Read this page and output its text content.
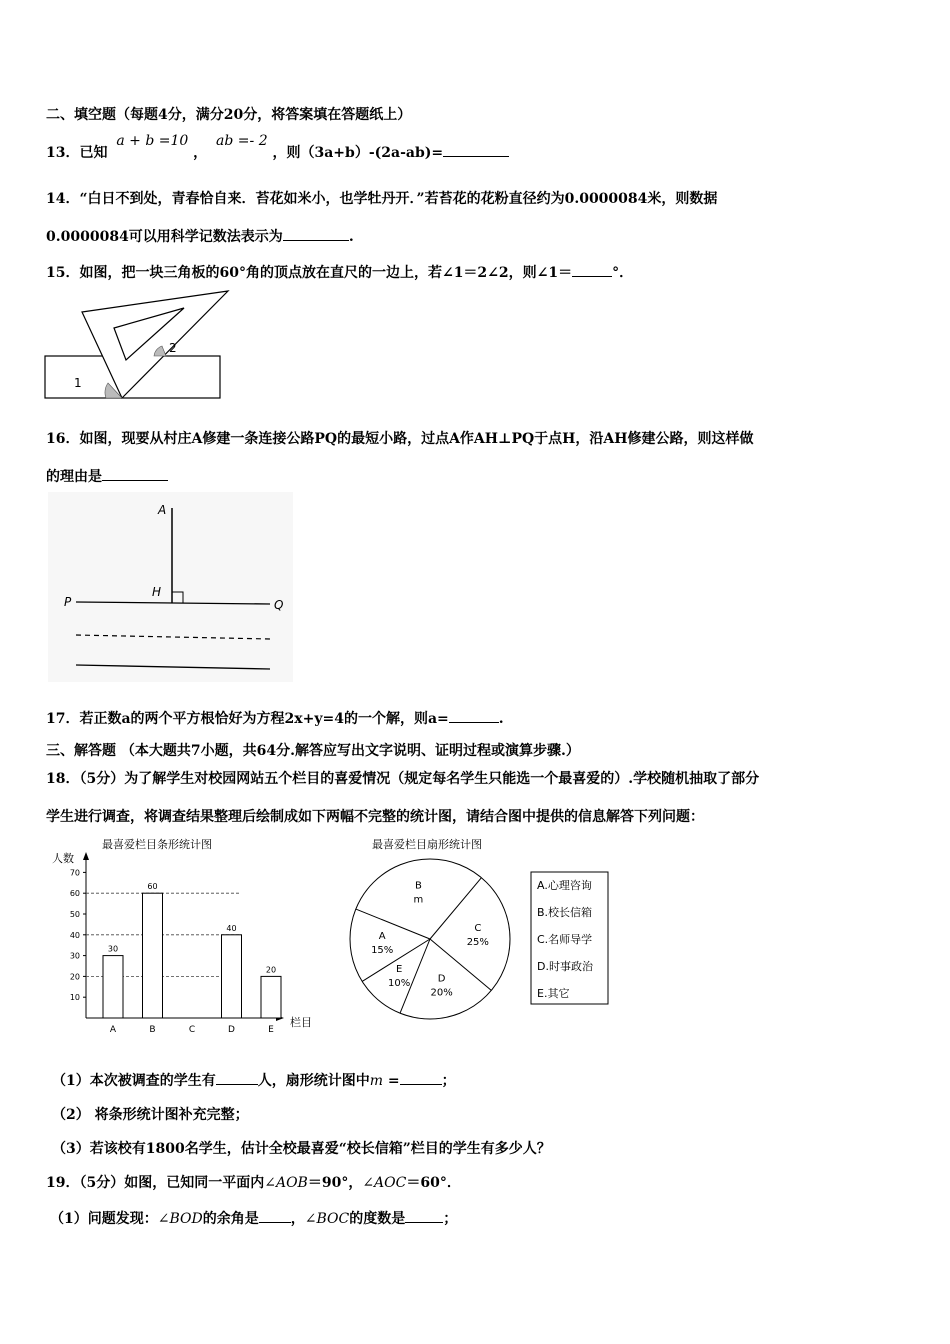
二、填空题（每题4分，满分20分，将答案填在答题纸上）
13．已知 a + b =10 ， ab =- 2 ，则（3a+b）-(2a-ab)=
14．“白日不到处，青春恰自来．苔花如米小，也学牡丹开．”若苔花的花粉直径约为0.0000084米，则数据
0.0000084可以用科学记数法表示为	.
15．如图，把一块三角板的60°角的顶点放在直尺的一边上，若∠1＝2∠2，则∠1＝	°．
1
2
16．如图，现要从村庄A修建一条连接公路PQ的最短小路，过点A作AH⊥PQ于点H，沿AH修建公路，则这样做
的理由是
A
H
P	Q
17．若正数a的两个平方根恰好为方程2x+y=4的一个解，则a=	.
三、解答题 （本大题共7小题，共64分.解答应写出文字说明、证明过程或演算步骤.）
18．（5分）为了解学生对校园网站五个栏目的喜爱情况（规定每名学生只能选一个最喜爱的）.学校随机抽取了部分
学生进行调查，将调查结果整理后绘制成如下两幅不完整的统计图，请结合图中提供的信息解答下列问题：
最喜爱栏目条形统计图
人数
栏目
10
20
30
40
50
60
70
30
A
60
B	C
40
D
20
E
最喜爱栏目扇形统计图
B
m
C
25%
D
20%
E
10%
A
15%
A.心理咨询
B.校长信箱
C.名师导学
D.时事政治
E.其它
（1）本次被调查的学生有	人，扇形统计图中m =	；
（2） 将条形统计图补充完整；
（3）若该校有1800名学生，估计全校最喜爱“校长信箱”栏目的学生有多少人？
19．（5分）如图，已知同一平面内∠AOB＝90°，∠AOC＝60°．
（1）问题发现：∠BOD的余角是 ，∠BOC的度数是	；
